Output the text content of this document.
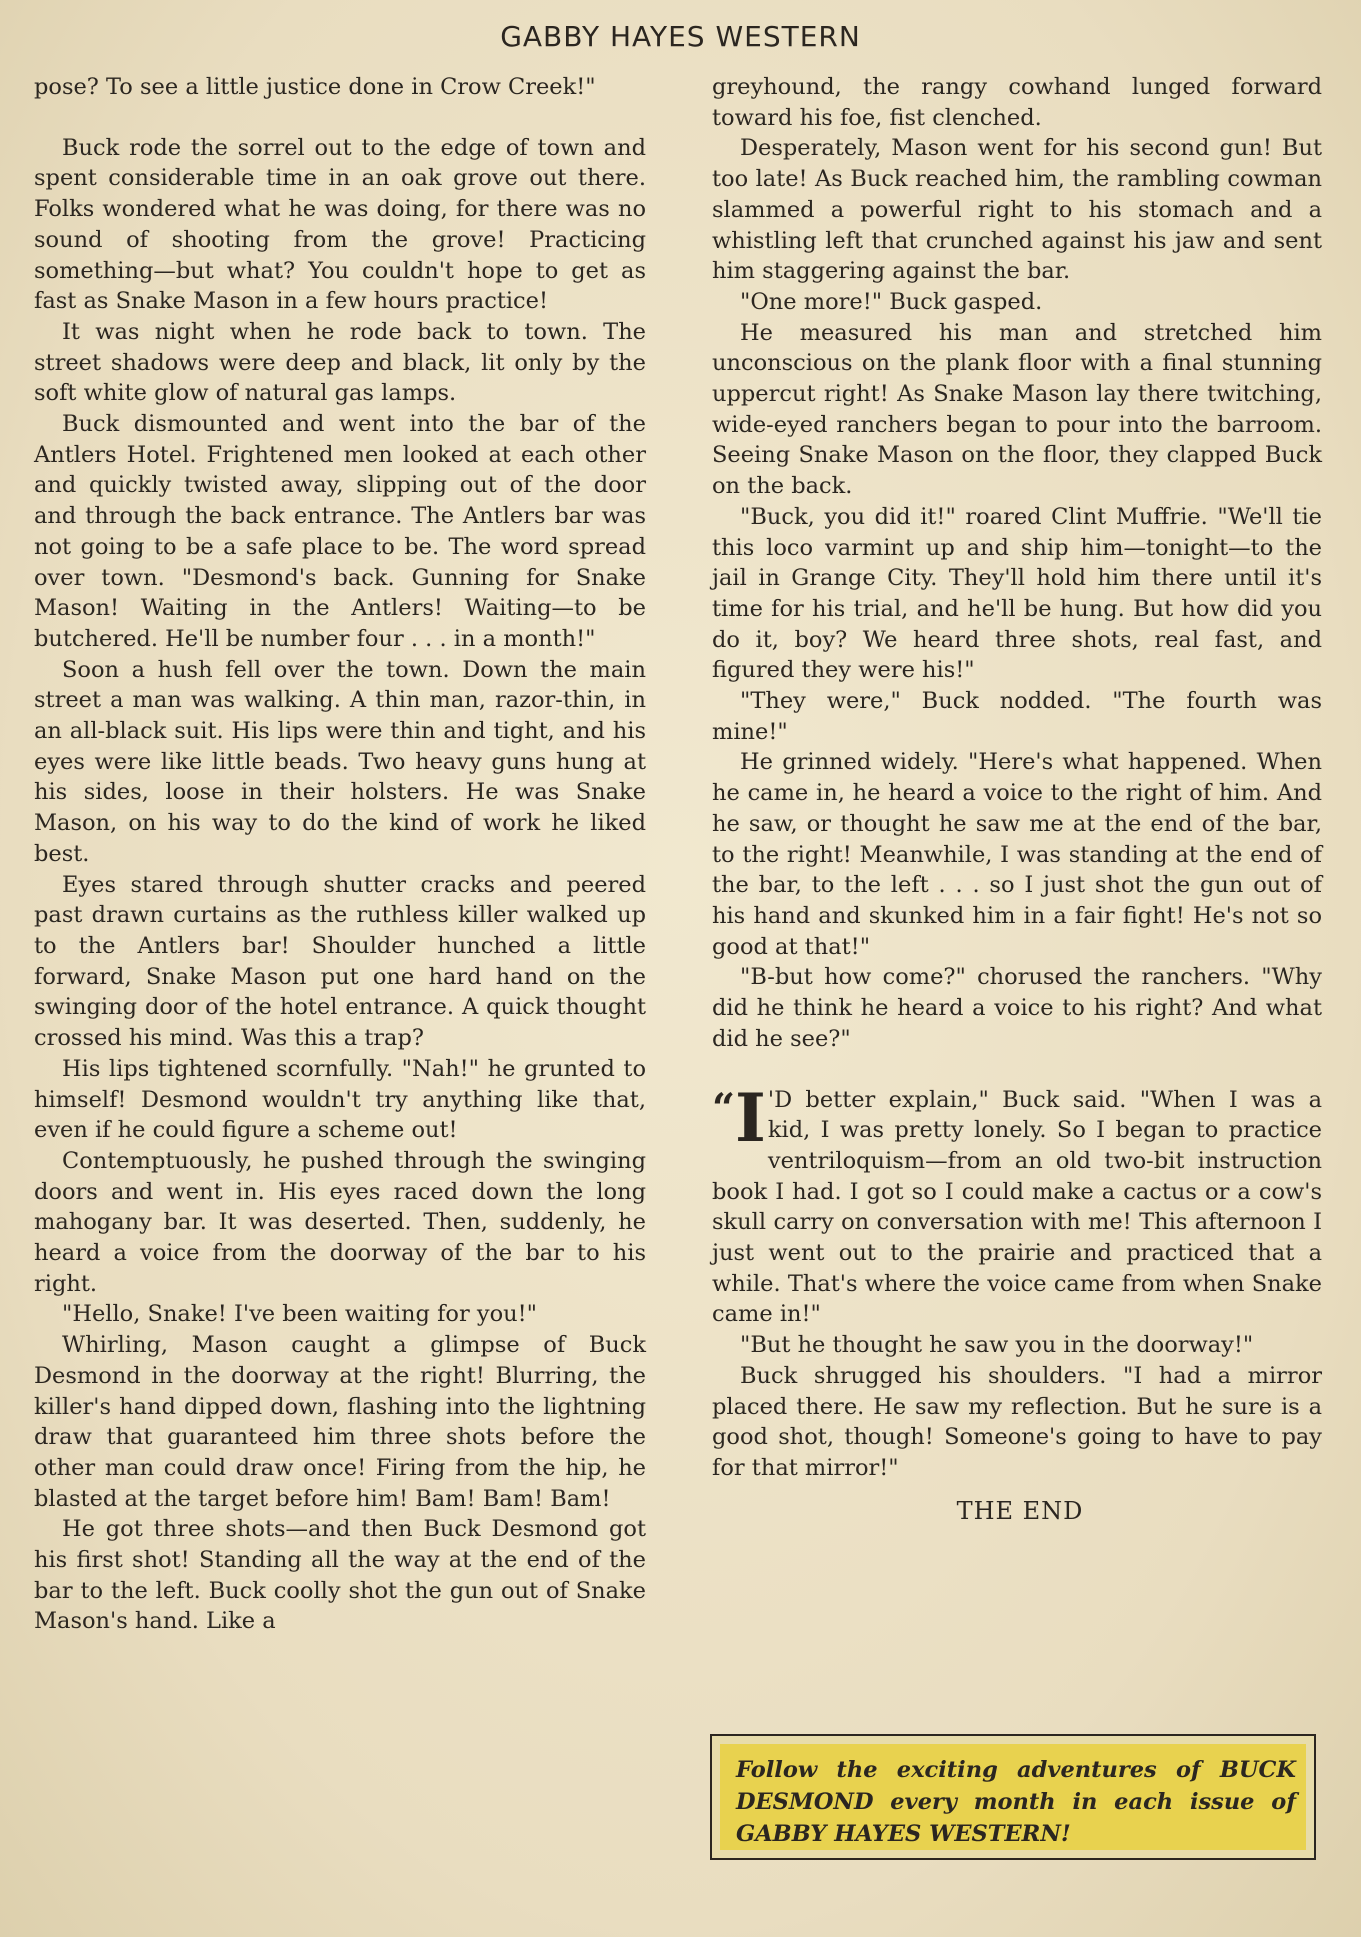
GABBY HAYES WESTERN

pose? To see a little justice done in Crow Creek!"

Buck rode the sorrel out to the edge of town and spent considerable time in an oak grove out there. Folks wondered what he was doing, for there was no sound of shooting from the grove! Practicing something—but what? You couldn't hope to get as fast as Snake Mason in a few hours practice!

It was night when he rode back to town. The street shadows were deep and black, lit only by the soft white glow of natural gas lamps.

Buck dismounted and went into the bar of the Antlers Hotel. Frightened men looked at each other and quickly twisted away, slipping out of the door and through the back entrance. The Antlers bar was not going to be a safe place to be. The word spread over town. "Desmond's back. Gunning for Snake Mason! Waiting in the Antlers! Waiting—to be butchered. He'll be number four . . . in a month!"

Soon a hush fell over the town. Down the main street a man was walking. A thin man, razor-thin, in an all-black suit. His lips were thin and tight, and his eyes were like little beads. Two heavy guns hung at his sides, loose in their holsters. He was Snake Mason, on his way to do the kind of work he liked best.

Eyes stared through shutter cracks and peered past drawn curtains as the ruthless killer walked up to the Antlers bar! Shoulder hunched a little forward, Snake Mason put one hard hand on the swinging door of the hotel entrance. A quick thought crossed his mind. Was this a trap?

His lips tightened scornfully. "Nah!" he grunted to himself! Desmond wouldn't try anything like that, even if he could figure a scheme out!

Contemptuously, he pushed through the swinging doors and went in. His eyes raced down the long mahogany bar. It was deserted. Then, suddenly, he heard a voice from the doorway of the bar to his right.

"Hello, Snake! I've been waiting for you!"

Whirling, Mason caught a glimpse of Buck Desmond in the doorway at the right! Blurring, the killer's hand dipped down, flashing into the lightning draw that guaranteed him three shots before the other man could draw once! Firing from the hip, he blasted at the target before him! Bam! Bam! Bam!

He got three shots—and then Buck Desmond got his first shot! Standing all the way at the end of the bar to the left. Buck coolly shot the gun out of Snake Mason's hand. Like a

greyhound, the rangy cowhand lunged forward toward his foe, fist clenched.

Desperately, Mason went for his second gun! But too late! As Buck reached him, the rambling cowman slammed a powerful right to his stomach and a whistling left that crunched against his jaw and sent him staggering against the bar.

"One more!" Buck gasped.

He measured his man and stretched him unconscious on the plank floor with a final stunning uppercut right! As Snake Mason lay there twitching, wide-eyed ranchers began to pour into the barroom. Seeing Snake Mason on the floor, they clapped Buck on the back.

"Buck, you did it!" roared Clint Muffrie. "We'll tie this loco varmint up and ship him—tonight—to the jail in Grange City. They'll hold him there until it's time for his trial, and he'll be hung. But how did you do it, boy? We heard three shots, real fast, and figured they were his!"

"They were," Buck nodded. "The fourth was mine!"

He grinned widely. "Here's what happened. When he came in, he heard a voice to the right of him. And he saw, or thought he saw me at the end of the bar, to the right! Meanwhile, I was standing at the end of the bar, to the left . . . so I just shot the gun out of his hand and skunked him in a fair fight! He's not so good at that!"

"B-but how come?" chorused the ranchers. "Why did he think he heard a voice to his right? And what did he see?"

“I 'D better explain," Buck said. "When I was a kid, I was pretty lonely. So I began to practice ventriloquism—from an old two-bit instruction book I had. I got so I could make a cactus or a cow's skull carry on conversation with me! This afternoon I just went out to the prairie and practiced that a while. That's where the voice came from when Snake came in!"

"But he thought he saw you in the doorway!"

Buck shrugged his shoulders. "I had a mirror placed there. He saw my reflection. But he sure is a good shot, though! Someone's going to have to pay for that mirror!"

THE END
Follow the exciting adventures of BUCK DESMOND every month in each issue of GABBY HAYES WESTERN!
